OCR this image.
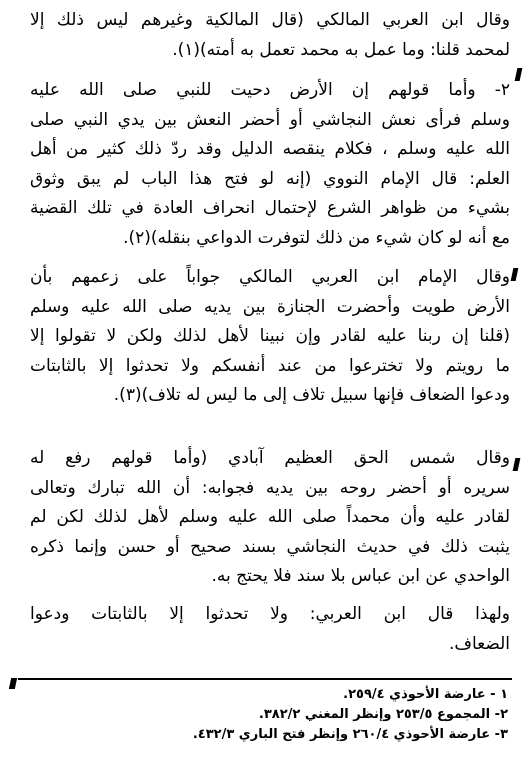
وقال ابن العربي المالكي (قال المالكية وغيرهم ليس ذلك إلا
لمحمد قلنا: وما عمل به محمد تعمل به أمته)(١).
٢- وأما قولهم إن الأرض دحيت للنبي صلى الله عليه
وسلم فرأى نعش النجاشي أو أحضر النعش بين يدي النبي صلى
الله عليه وسلم ، فكلام ينقصه الدليل وقد ردّ ذلك كثير من أهل
العلم: قال الإمام النووي (إنه لو فتح هذا الباب لم يبق وثوق
بشيء من ظواهر الشرع لإحتمال انحراف العادة في تلك القضية
مع أنه لو كان شيء من ذلك لتوفرت الدواعي بنقله)(٢).
وقال الإمام ابن العربي المالكي جواباً على زعمهم بأن
الأرض طويت وأحضرت الجنازة بين يديه صلى الله عليه وسلم
(قلنا إن ربنا عليه لقادر وإن نبينا لأهل لذلك ولكن لا تقولوا إلا
ما رويتم ولا تخترعوا من عند أنفسكم ولا تحدثوا إلا بالثابتات
ودعوا الضعاف فإنها سبيل تلاف إلى ما ليس له تلاف)(٣).
وقال شمس الحق العظيم آبادي (وأما قولهم رفع له
سريره أو أحضر روحه بين يديه فجوابه: أن الله تبارك وتعالى
لقادر عليه وأن محمداً صلى الله عليه وسلم لأهل لذلك لكن لم
يثبت ذلك في حديث النجاشي بسند صحيح أو حسن وإنما ذكره
الواحدي عن ابن عباس بلا سند فلا يحتج به.
ولهذا قال ابن العربي: ولا تحدثوا إلا بالثابتات ودعوا
الضعاف.
١ - عارضة الأحوذي ٢٥٩/٤.
٢- المجموع ٢٥٣/٥ وإنظر المغني ٣٨٢/٢.
٣- عارضة الأحوذي ٢٦٠/٤ وإنظر فتح الباري ٤٣٢/٣.
